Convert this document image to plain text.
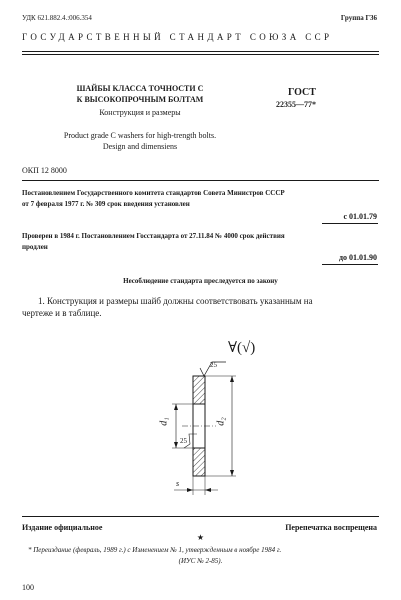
УДК 621.882.4.:006.354	Группа Г36
ГОСУДАРСТВЕННЫЙ СТАНДАРТ СОЮЗА ССР
ШАЙБЫ КЛАССА ТОЧНОСТИ С
К ВЫСОКОПРОЧНЫМ БОЛТАМ
Конструкция и размеры
Product grade C washers for high-trength bolts.
Design and dimensiens
ГОСТ
22355—77*
ОКП 12 8000
Постановлением Государственного комитета стандартов Совета Министров СССР
от 7 февраля 1977 г. № 309 срок введения установлен
с 01.01.79
Проверен в 1984 г. Постановлением Госстандарта от 27.11.84 № 4000 срок действия
продлен
до 01.01.90
Несоблюдение стандарта преследуется по закону
1. Конструкция и размеры шайб должны соответствовать указанным на
чертеже и в таблице.
∀(√)
25
25
d₁	d₂
s
Издание официальное	Перепечатка воспрещена
★
* Переиздание (февраль, 1989 г.) с Изменением № 1, утвержденным в ноябре 1984 г.
(ИУС № 2-85).
100
